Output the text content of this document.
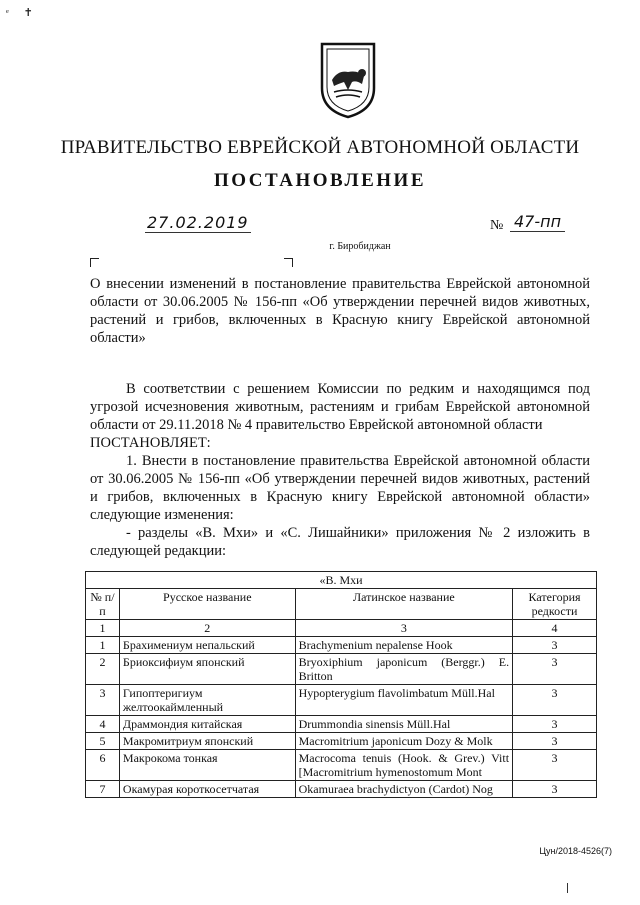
ᵉ ✝
ПРАВИТЕЛЬСТВО ЕВРЕЙСКОЙ АВТОНОМНОЙ ОБЛАСТИ
ПОСТАНОВЛЕНИЕ
27.02.2019	№ 47-пп
г. Биробиджан
О внесении изменений в постановление правительства Еврейской автономной области от 30.06.2005 № 156-пп «Об утверждении перечней видов животных, растений и грибов, включенных в Красную книгу Еврейской автономной области»

В соответствии с решением Комиссии по редким и находящимся под угрозой исчезновения животным, растениям и грибам Еврейской автономной области от 29.11.2018 № 4 правительство Еврейской автономной области

ПОСТАНОВЛЯЕТ:

1. Внести в постановление правительства Еврейской автономной области от 30.06.2005 № 156-пп «Об утверждении перечней видов животных, растений и грибов, включенных в Красную книгу Еврейской автономной области» следующие изменения:

- разделы «В. Мхи» и «С. Лишайники» приложения № 2 изложить в следующей редакции:

«В. Мхи			
№ п/п	Русское название	Латинское название	Категория редкости
1	2	3	4
1	Брахимениум непальский	Brachymenium nepalense Hook	3
2	Бриоксифиум японский	Bryoxiphium japonicum (Berggr.) E. Britton	3
3	Гипоптеригиум желтоокаймленный	Hypopterygium flavolimbatum Müll.Hal	3
4	Драммондия китайская	Drummondia sinensis Müll.Hal	3
5	Макромитриум японский	Macromitrium japonicum Dozy & Molk	3
6	Макрокома тонкая	Macrocoma tenuis (Hook. & Grev.) Vitt [Macromitrium hymenostomum Mont	3
7	Окамурая короткосетчатая	Okamuraea brachydictyon (Cardot) Nog	3
Цун/2018-4526(7)
